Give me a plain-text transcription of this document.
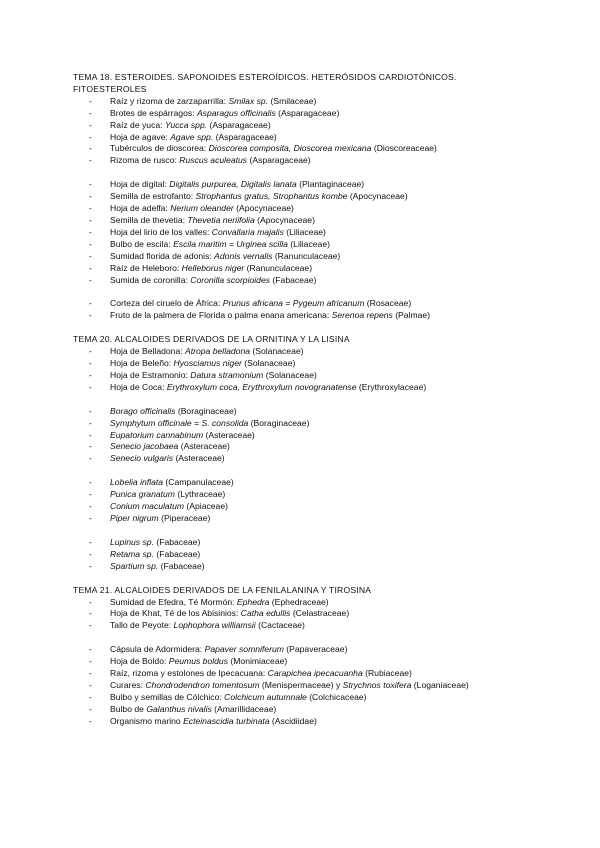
TEMA 18. ESTEROIDES. SAPONOIDES ESTEROÍDICOS. HETERÓSIDOS CARDIOTÓNICOS.
FITOESTEROLES
- Raíz y rizoma de zarzaparrilla: Smilax sp. (Smilaceae)
- Brotes de espárragos: Asparagus officinalis (Asparagaceae)
- Raíz de yuca: Yucca spp. (Asparagaceae)
- Hoja de agave: Agave spp. (Asparagaceae)
- Tubérculos de dioscorea: Dioscorea composita, Dioscorea mexicana (Dioscoreaceae)
- Rizoma de rusco: Ruscus aculeatus (Asparagaceae)
- Hoja de digital: Digitalis purpurea, Digitalis lanata (Plantaginaceae)
- Semilla de estrofanto: Strophantus gratus, Strophantus kombe (Apocynaceae)
- Hoja de adelfa: Nerium oleander (Apocynaceae)
- Semilla de thevetia: Thevetia neriifolia (Apocynaceae)
- Hoja del lirio de los valles: Convallaria majalis (Liliaceae)
- Bulbo de escila: Escila maritim = Urginea scilla (Liliaceae)
- Sumidad florida de adonis: Adonis vernalis (Ranunculaceae)
- Raíz de Heleboro: Helleborus niger (Ranunculaceae)
- Sumida de coronilla: Coronilla scorpioides (Fabaceae)
- Corteza del ciruelo de África: Prunus africana = Pygeum africanum (Rosaceae)
- Fruto de la palmera de Florida o palma enana americana: Serenoa repens (Palmae)
TEMA 20. ALCALOIDES DERIVADOS DE LA ORNITINA Y LA LISINA
- Hoja de Belladona: Atropa belladona (Solanaceae)
- Hoja de Beleño: Hyosciamus niger (Solanaceae)
- Hoja de Estramonio: Datura stramonium (Solanaceae)
- Hoja de Coca: Erythroxylum coca, Erythroxylum novogranatense (Erythroxylaceae)
- Borago officinalis (Boraginaceae)
- Symphytum officinale = S. consolida (Boraginaceae)
- Eupatorium cannabinum (Asteraceae)
- Senecio jacobaea (Asteraceae)
- Senecio vulgaris (Asteraceae)
- Lobelia inflata (Campanulaceae)
- Punica granatum (Lythraceae)
- Conium maculatum (Apiaceae)
- Piper nigrum (Piperaceae)
- Lupinus sp. (Fabaceae)
- Retama sp. (Fabaceae)
- Spartium sp. (Fabaceae)
TEMA 21. ALCALOIDES DERIVADOS DE LA FENILALANINA Y TIROSINA
- Sumidad de Efedra, Té Mormón: Ephedra (Ephedraceae)
- Hoja de Khat, Té de los Abisinios: Catha edullis (Celastraceae)
- Tallo de Peyote: Lophophora williamsii (Cactaceae)
- Cápsula de Adormidera: Papaver somniferum (Papaveraceae)
- Hoja de Boldo: Peumus boldus (Monimiaceae)
- Raíz, rizoma y estolones de Ipecacuana: Carapichea ipecacuanha (Rubiaceae)
- Curares: Chondrodendron tomentosum (Menispermaceae) y Strychnos toxifera (Loganiaceae)
- Bulbo y semillas de Cólchico: Colchicum autumnale (Colchicaceae)
- Bulbo de Galanthus nivalis (Amarillidaceae)
- Organismo marino Ecteinascidia turbinata (Ascidiidae)
